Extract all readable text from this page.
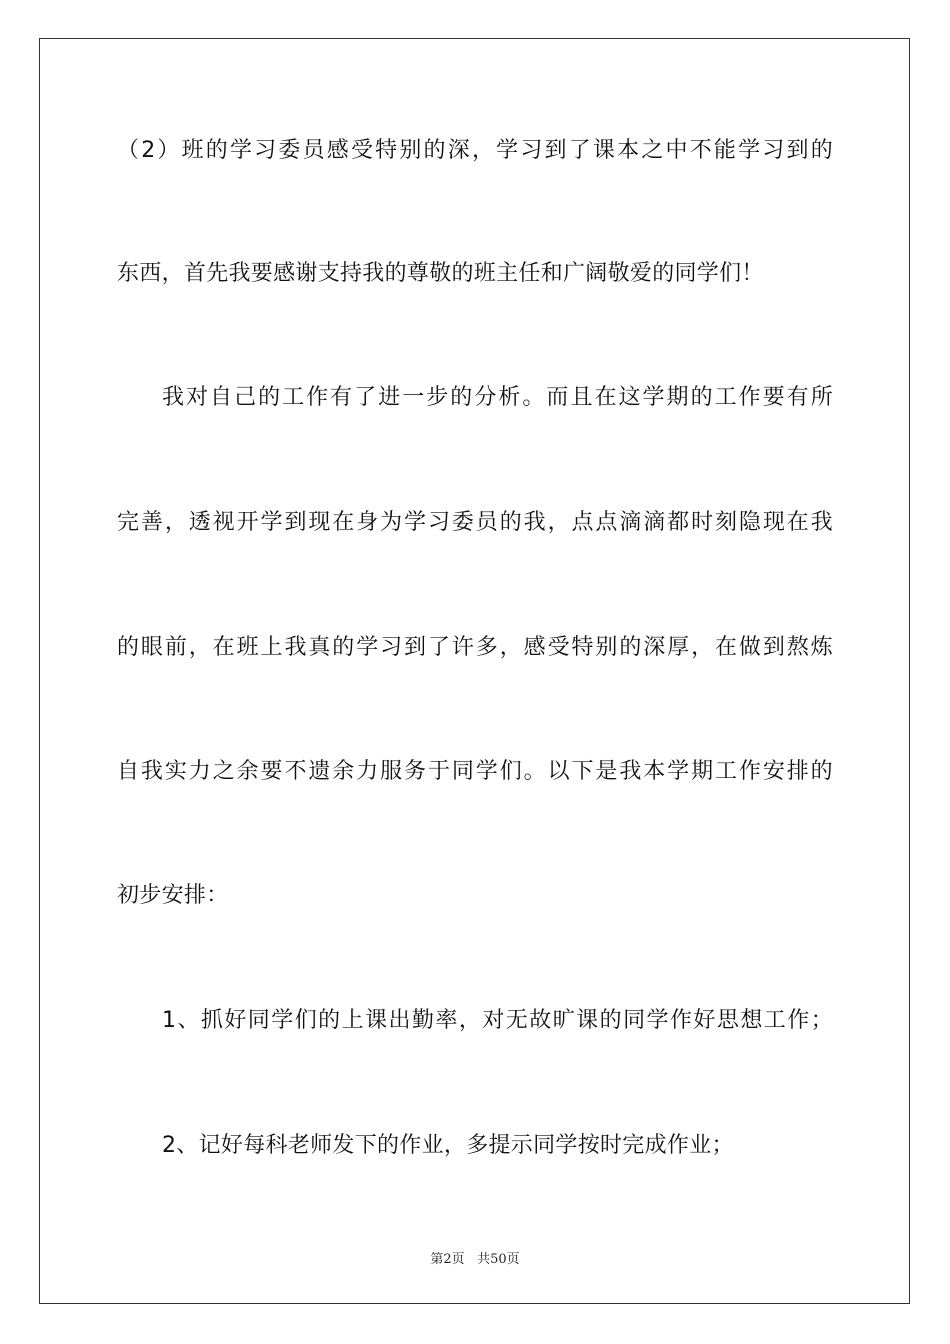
（2）班的学习委员感受特别的深，学习到了课本之中不能学习到的
东西，首先我要感谢支持我的尊敬的班主任和广阔敬爱的同学们！
我对自己的工作有了进一步的分析。而且在这学期的工作要有所
完善，透视开学到现在身为学习委员的我，点点滴滴都时刻隐现在我
的眼前，在班上我真的学习到了许多，感受特别的深厚，在做到熬炼
自我实力之余要不遗余力服务于同学们。以下是我本学期工作安排的
初步安排：
1、抓好同学们的上课出勤率，对无故旷课的同学作好思想工作；
2、记好每科老师发下的作业，多提示同学按时完成作业；
第2页 共50页
